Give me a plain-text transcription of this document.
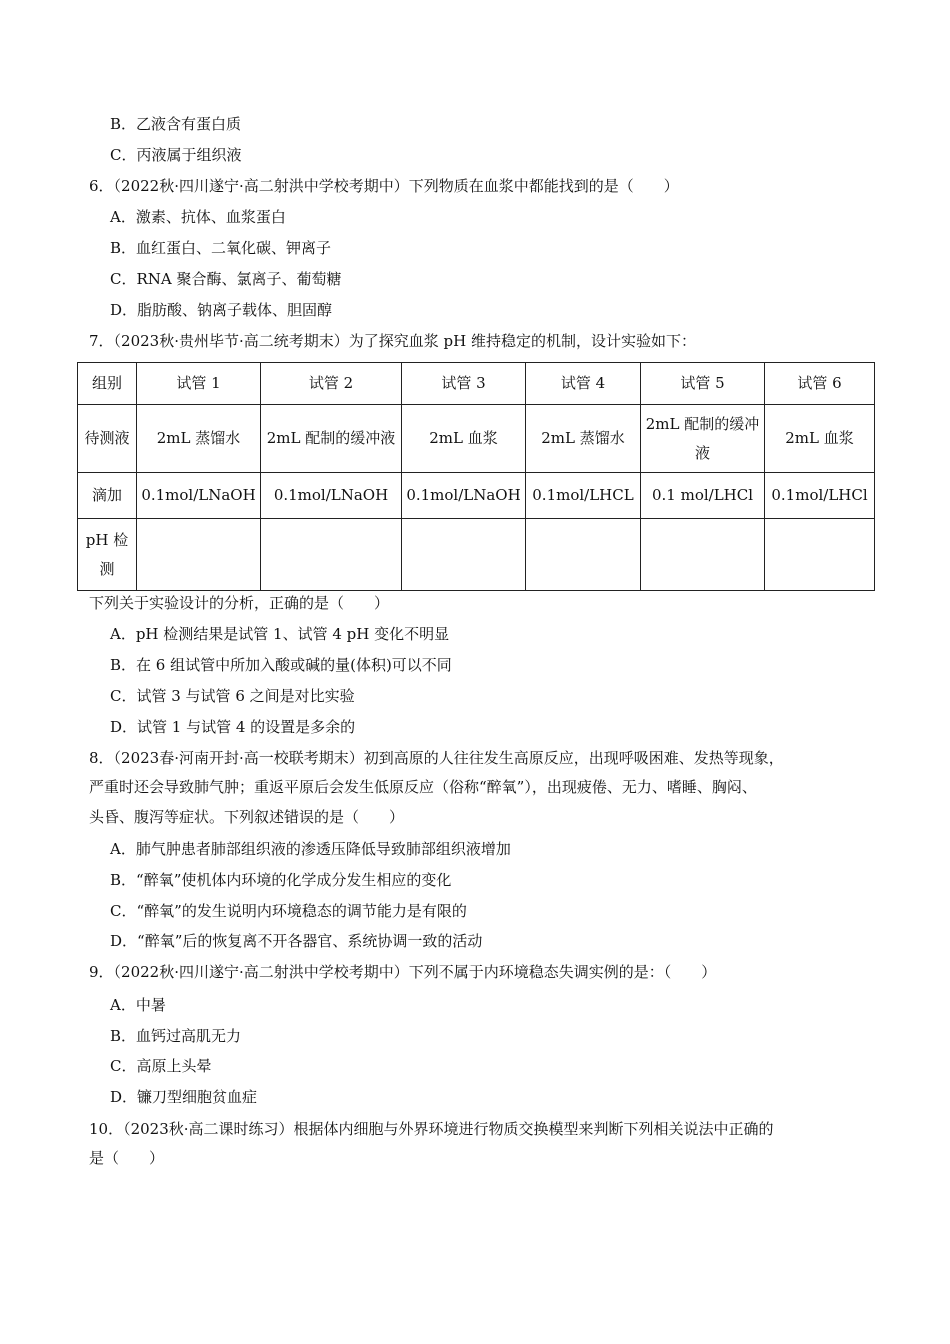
B．乙液含有蛋白质
C．丙液属于组织液
6．（2022秋·四川遂宁·高二射洪中学校考期中）下列物质在血浆中都能找到的是（　　）
A．激素、抗体、血浆蛋白
B．血红蛋白、二氧化碳、钾离子
C．RNA 聚合酶、氯离子、葡萄糖
D．脂肪酸、钠离子载体、胆固醇
7．（2023秋·贵州毕节·高二统考期末）为了探究血浆 pH 维持稳定的机制，设计实验如下：
组别	试管 1	试管 2	试管 3	试管 4	试管 5	试管 6
待测液	2mL 蒸馏水	2mL 配制的缓冲液	2mL 血浆	2mL 蒸馏水	2mL 配制的缓冲液	2mL 血浆
滴加	0.1mol/LNaOH	0.1mol/LNaOH	0.1mol/LNaOH	0.1mol/LHCL	0.1 mol/LHCl	0.1mol/LHCl
pH 检测						
下列关于实验设计的分析，正确的是（　　）
A．pH 检测结果是试管 1、试管 4 pH 变化不明显
B．在 6 组试管中所加入酸或碱的量(体积)可以不同
C．试管 3 与试管 6 之间是对比实验
D．试管 1 与试管 4 的设置是多余的
8．（2023春·河南开封·高一校联考期末）初到高原的人往往发生高原反应，出现呼吸困难、发热等现象，
严重时还会导致肺气肿；重返平原后会发生低原反应（俗称“醉氧”），出现疲倦、无力、嗜睡、胸闷、
头昏、腹泻等症状。下列叙述错误的是（　　）
A．肺气肿患者肺部组织液的渗透压降低导致肺部组织液增加
B．“醉氧”使机体内环境的化学成分发生相应的变化
C．“醉氧”的发生说明内环境稳态的调节能力是有限的
D．“醉氧”后的恢复离不开各器官、系统协调一致的活动
9．（2022秋·四川遂宁·高二射洪中学校考期中）下列不属于内环境稳态失调实例的是：（　　）
A．中暑
B．血钙过高肌无力
C．高原上头晕
D．镰刀型细胞贫血症
10．（2023秋·高二课时练习）根据体内细胞与外界环境进行物质交换模型来判断下列相关说法中正确的
是（　　）
